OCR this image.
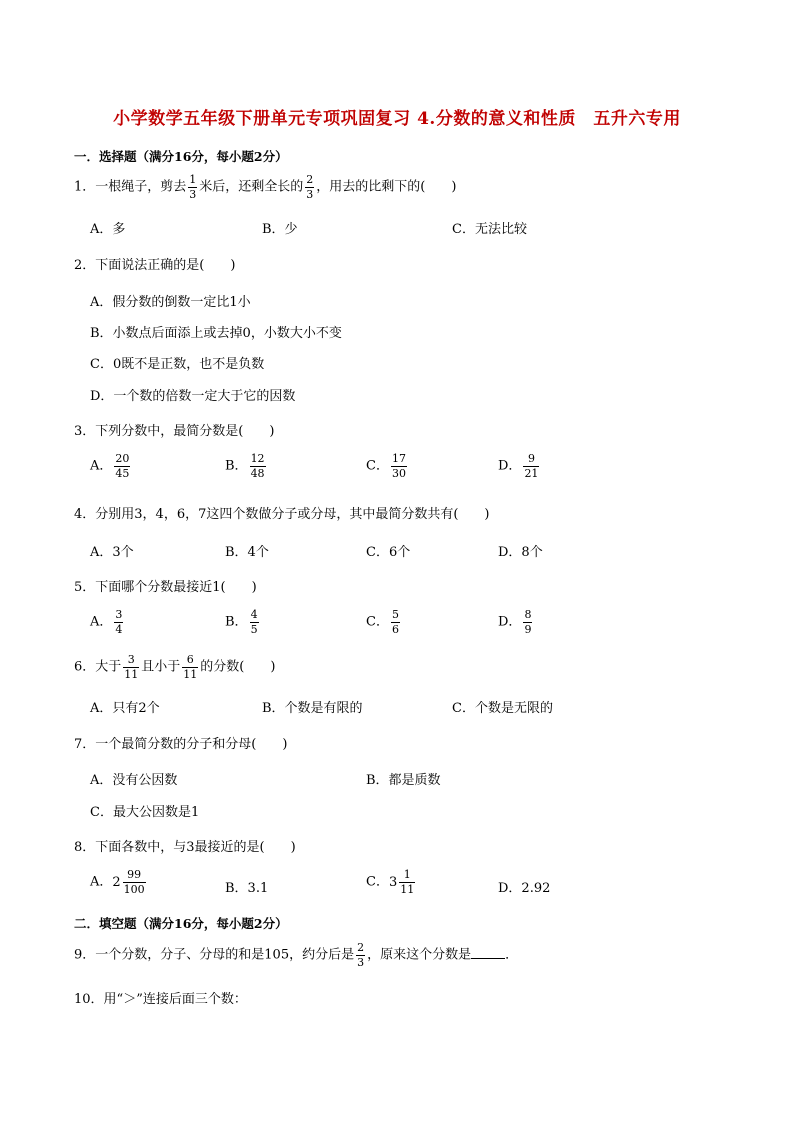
小学数学五年级下册单元专项巩固复习 4.分数的意义和性质　五升六专用
一．选择题（满分16分，每小题2分）
1．一根绳子，剪去 $\frac{1}{3}$ 米后，还剩全长的 $\frac{2}{3}$ ，用去的比剩下的(　　)
A．多	B．少	C．无法比较
2．下面说法正确的是(　　)
A．假分数的倒数一定比1小
B．小数点后面添上或去掉0，小数大小不变
C．0既不是正数，也不是负数
D．一个数的倍数一定大于它的因数
3．下列分数中，最简分数是(　　)
A． $\frac{20}{45}$	B． $\frac{12}{48}$	C． $\frac{17}{30}$	D． $\frac{9}{21}$
4．分别用3，4，6，7这四个数做分子或分母，其中最简分数共有(　　)
A．3个	B．4个	C．6个	D．8个
5．下面哪个分数最接近1(　　)
A． $\frac{3}{4}$	B． $\frac{4}{5}$	C． $\frac{5}{6}$	D． $\frac{8}{9}$
6．大于 $\frac{3}{11}$ 且小于 $\frac{6}{11}$ 的分数(　　)
A．只有2个	B．个数是有限的	C．个数是无限的
7．一个最简分数的分子和分母(　　)
A．没有公因数	B．都是质数
C．最大公因数是1
8．下面各数中，与3最接近的是(　　)
A． $2 \frac{99}{100}$	B．3.1	C． $3 \frac{1}{11}$	D．2.92
二．填空题（满分16分，每小题2分）
9．一个分数，分子、分母的和是105，约分后是 $\frac{2}{3}$ ，原来这个分数是	．
10．用“＞”连接后面三个数：
